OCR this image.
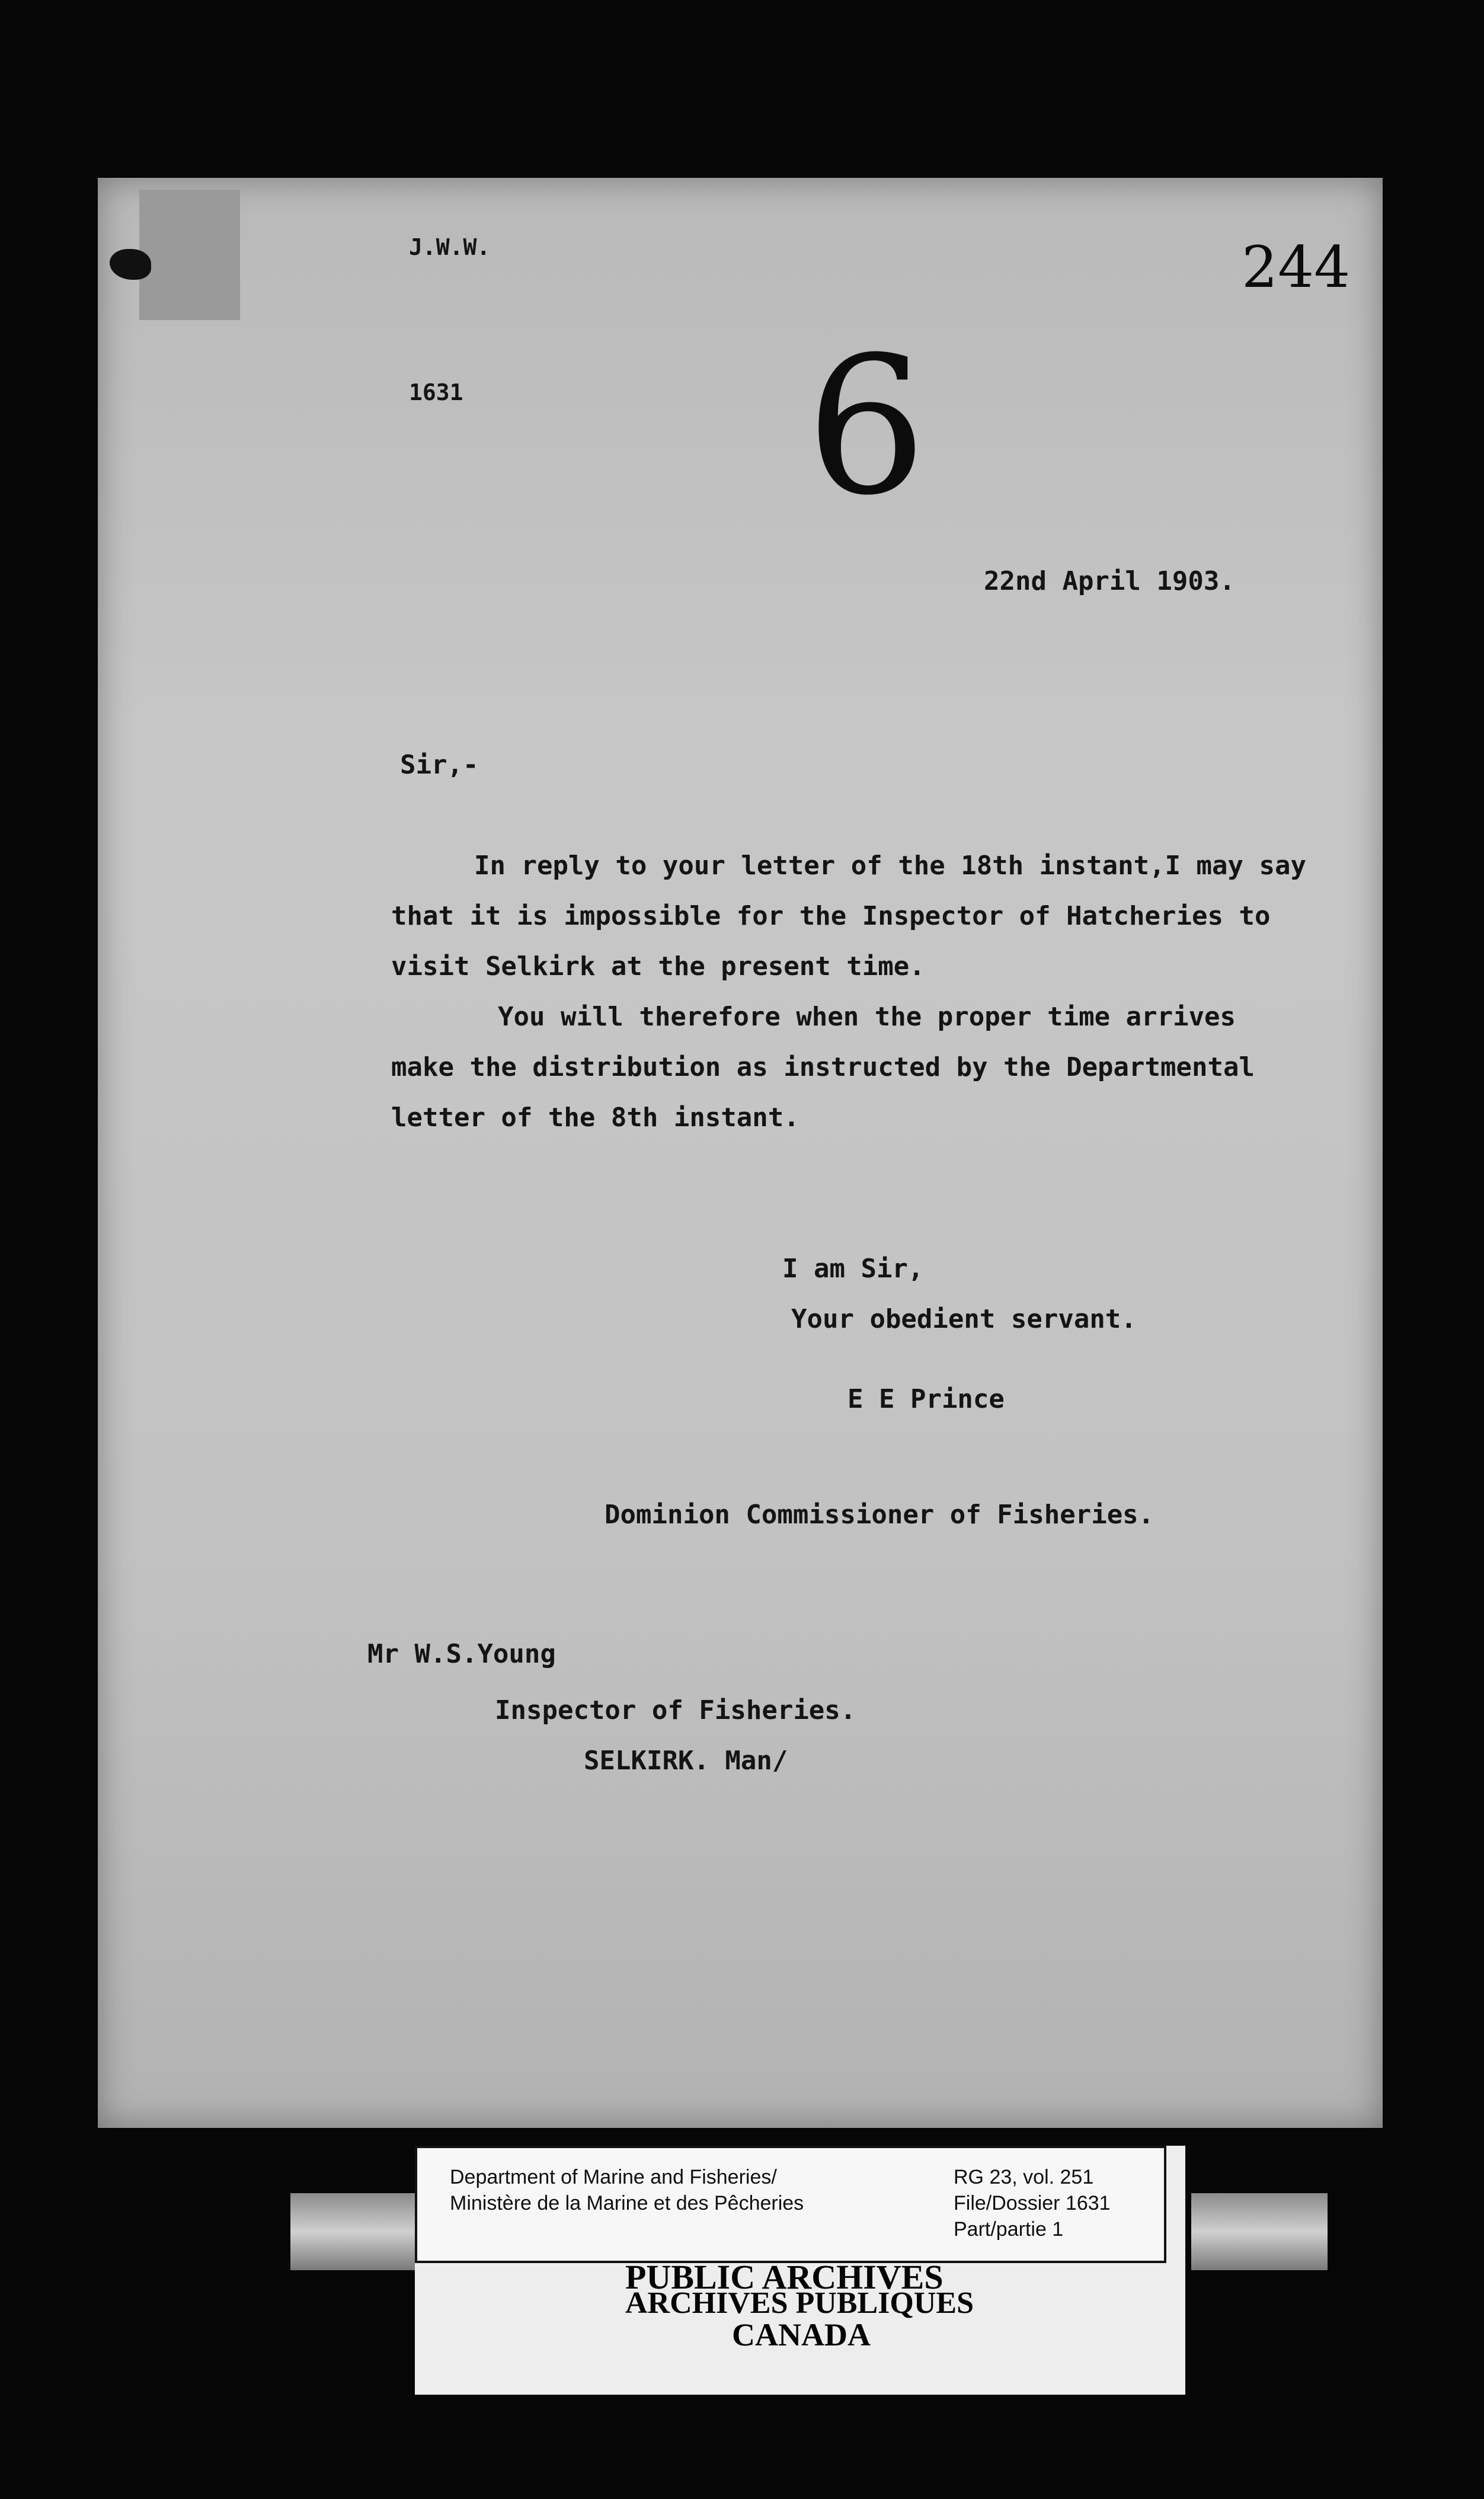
J.W.W.	244
1631 6
22nd April 1903.
Sir,-
In reply to your letter of the 18th instant,I may say
that it is impossible for the Inspector of Hatcheries to
visit Selkirk at the present time.
You will therefore when the proper time arrives
make the distribution as instructed by the Departmental
letter of the 8th instant.
I am Sir,
Your obedient servant.
E E Prince
Dominion Commissioner of Fisheries.
Mr W.S.Young
Inspector of Fisheries.
SELKIRK. Man/
Department of Marine and Fisheries/
Ministère de la Marine et des Pêcheries
RG 23, vol. 251
File/Dossier 1631
Part/partie 1
PUBLIC ARCHIVES
ARCHIVES PUBLIQUES
CANADA
